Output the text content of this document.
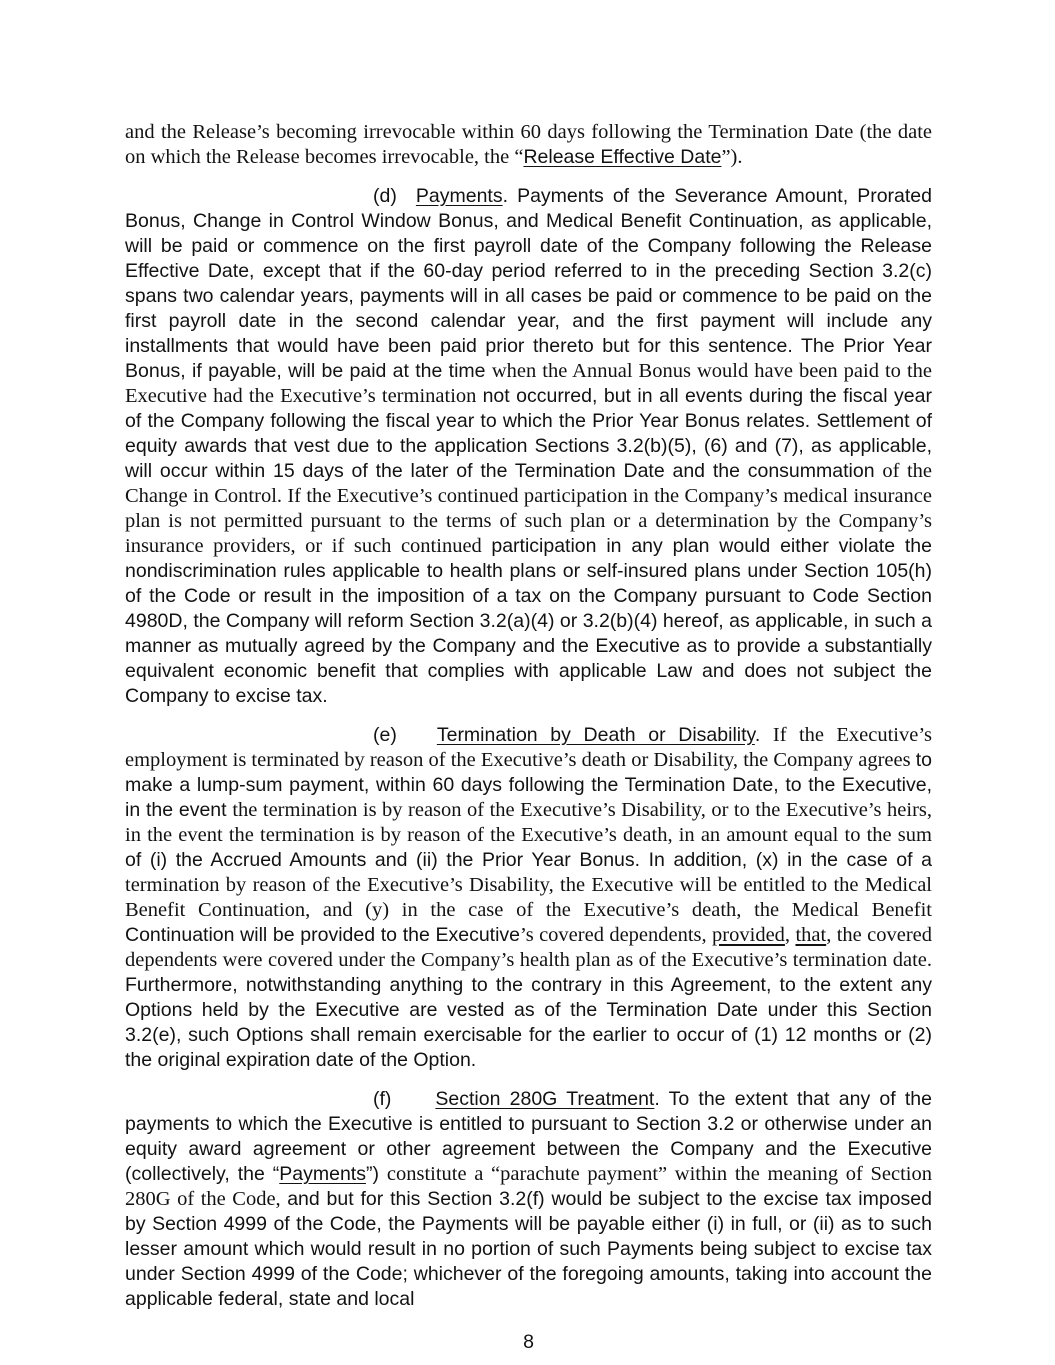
and the Release’s becoming irrevocable within 60 days following the Termination Date (the date on which the Release becomes irrevocable, the “Release Effective Date”).

(d) Payments. Payments of the Severance Amount, Prorated Bonus, Change in Control Window Bonus, and Medical Benefit Continuation, as applicable, will be paid or commence on the first payroll date of the Company following the Release Effective Date, except that if the 60-day period referred to in the preceding Section 3.2(c) spans two calendar years, payments will in all cases be paid or commence to be paid on the first payroll date in the second calendar year, and the first payment will include any installments that would have been paid prior thereto but for this sentence. The Prior Year Bonus, if payable, will be paid at the time when the Annual Bonus would have been paid to the Executive had the Executive’s termination not occurred, but in all events during the fiscal year of the Company following the fiscal year to which the Prior Year Bonus relates. Settlement of equity awards that vest due to the application Sections 3.2(b)(5), (6) and (7), as applicable, will occur within 15 days of the later of the Termination Date and the consummation of the Change in Control. If the Executive’s continued participation in the Company’s medical insurance plan is not permitted pursuant to the terms of such plan or a determination by the Company’s insurance providers, or if such continued participation in any plan would either violate the nondiscrimination rules applicable to health plans or self-insured plans under Section 105(h) of the Code or result in the imposition of a tax on the Company pursuant to Code Section 4980D, the Company will reform Section 3.2(a)(4) or 3.2(b)(4) hereof, as applicable, in such a manner as mutually agreed by the Company and the Executive as to provide a substantially equivalent economic benefit that complies with applicable Law and does not subject the Company to excise tax.

(e) Termination by Death or Disability. If the Executive’s employment is terminated by reason of the Executive’s death or Disability, the Company agrees to make a lump-sum payment, within 60 days following the Termination Date, to the Executive, in the event the termination is by reason of the Executive’s Disability, or to the Executive’s heirs, in the event the termination is by reason of the Executive’s death, in an amount equal to the sum of (i) the Accrued Amounts and (ii) the Prior Year Bonus. In addition, (x) in the case of a termination by reason of the Executive’s Disability, the Executive will be entitled to the Medical Benefit Continuation, and (y) in the case of the Executive’s death, the Medical Benefit Continuation will be provided to the Executive’s covered dependents, provided, that, the covered dependents were covered under the Company’s health plan as of the Executive’s termination date. Furthermore, notwithstanding anything to the contrary in this Agreement, to the extent any Options held by the Executive are vested as of the Termination Date under this Section 3.2(e), such Options shall remain exercisable for the earlier to occur of (1) 12 months or (2) the original expiration date of the Option.

(f) Section 280G Treatment. To the extent that any of the payments to which the Executive is entitled to pursuant to Section 3.2 or otherwise under an equity award agreement or other agreement between the Company and the Executive (collectively, the “Payments”) constitute a “parachute payment” within the meaning of Section 280G of the Code, and but for this Section 3.2(f) would be subject to the excise tax imposed by Section 4999 of the Code, the Payments will be payable either (i) in full, or (ii) as to such lesser amount which would result in no portion of such Payments being subject to excise tax under Section 4999 of the Code; whichever of the foregoing amounts, taking into account the applicable federal, state and local

8
